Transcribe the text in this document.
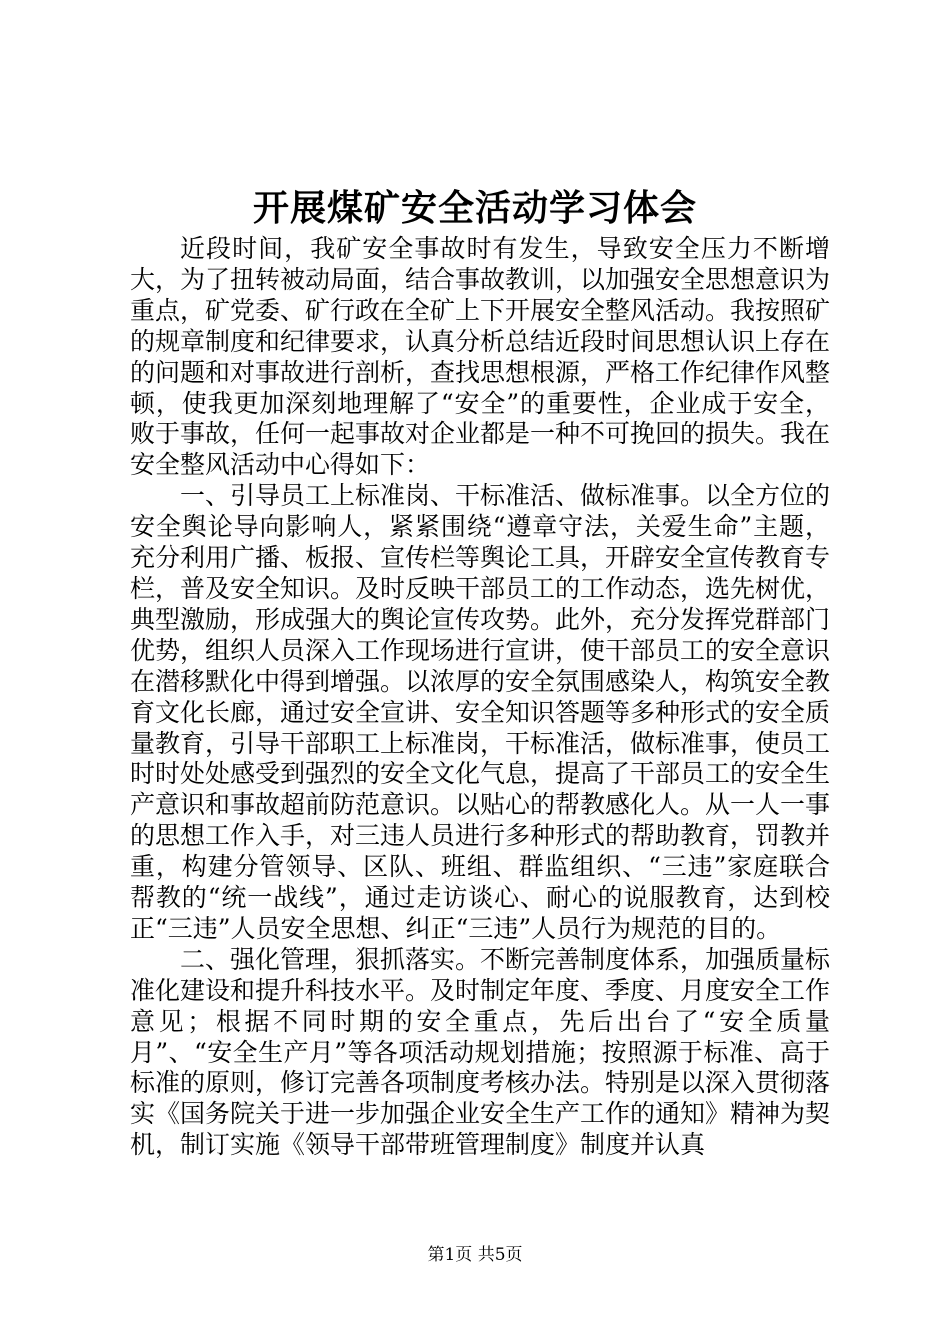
开展煤矿安全活动学习体会

近段时间，我矿安全事故时有发生，导致安全压力不断增大，为了扭转被动局面，结合事故教训，以加强安全思想意识为重点，矿党委、矿行政在全矿上下开展安全整风活动。我按照矿的规章制度和纪律要求，认真分析总结近段时间思想认识上存在的问题和对事故进行剖析，查找思想根源，严格工作纪律作风整顿，使我更加深刻地理解了“安全”的重要性，企业成于安全，败于事故，任何一起事故对企业都是一种不可挽回的损失。我在安全整风活动中心得如下：

一、引导员工上标准岗、干标准活、做标准事。以全方位的安全舆论导向影响人，紧紧围绕“遵章守法，关爱生命”主题，充分利用广播、板报、宣传栏等舆论工具，开辟安全宣传教育专栏，普及安全知识。及时反映干部员工的工作动态，选先树优，典型激励，形成强大的舆论宣传攻势。此外，充分发挥党群部门优势，组织人员深入工作现场进行宣讲，使干部员工的安全意识在潜移默化中得到增强。以浓厚的安全氛围感染人，构筑安全教育文化长廊，通过安全宣讲、安全知识答题等多种形式的安全质量教育，引导干部职工上标准岗，干标准活，做标准事，使员工时时处处感受到强烈的安全文化气息，提高了干部员工的安全生产意识和事故超前防范意识。以贴心的帮教感化人。从一人一事的思想工作入手，对三违人员进行多种形式的帮助教育，罚教并重，构建分管领导、区队、班组、群监组织、“三违”家庭联合帮教的“统一战线”，通过走访谈心、耐心的说服教育，达到校正“三违”人员安全思想、纠正“三违”人员行为规范的目的。

二、强化管理，狠抓落实。不断完善制度体系，加强质量标准化建设和提升科技水平。及时制定年度、季度、月度安全工作意见；根据不同时期的安全重点，先后出台了“安全质量月”、“安全生产月”等各项活动规划措施；按照源于标准、高于标准的原则，修订完善各项制度考核办法。特别是以深入贯彻落实《国务院关于进一步加强企业安全生产工作的通知》精神为契机，制订实施《领导干部带班管理制度》制度并认真

第1页 共5页
